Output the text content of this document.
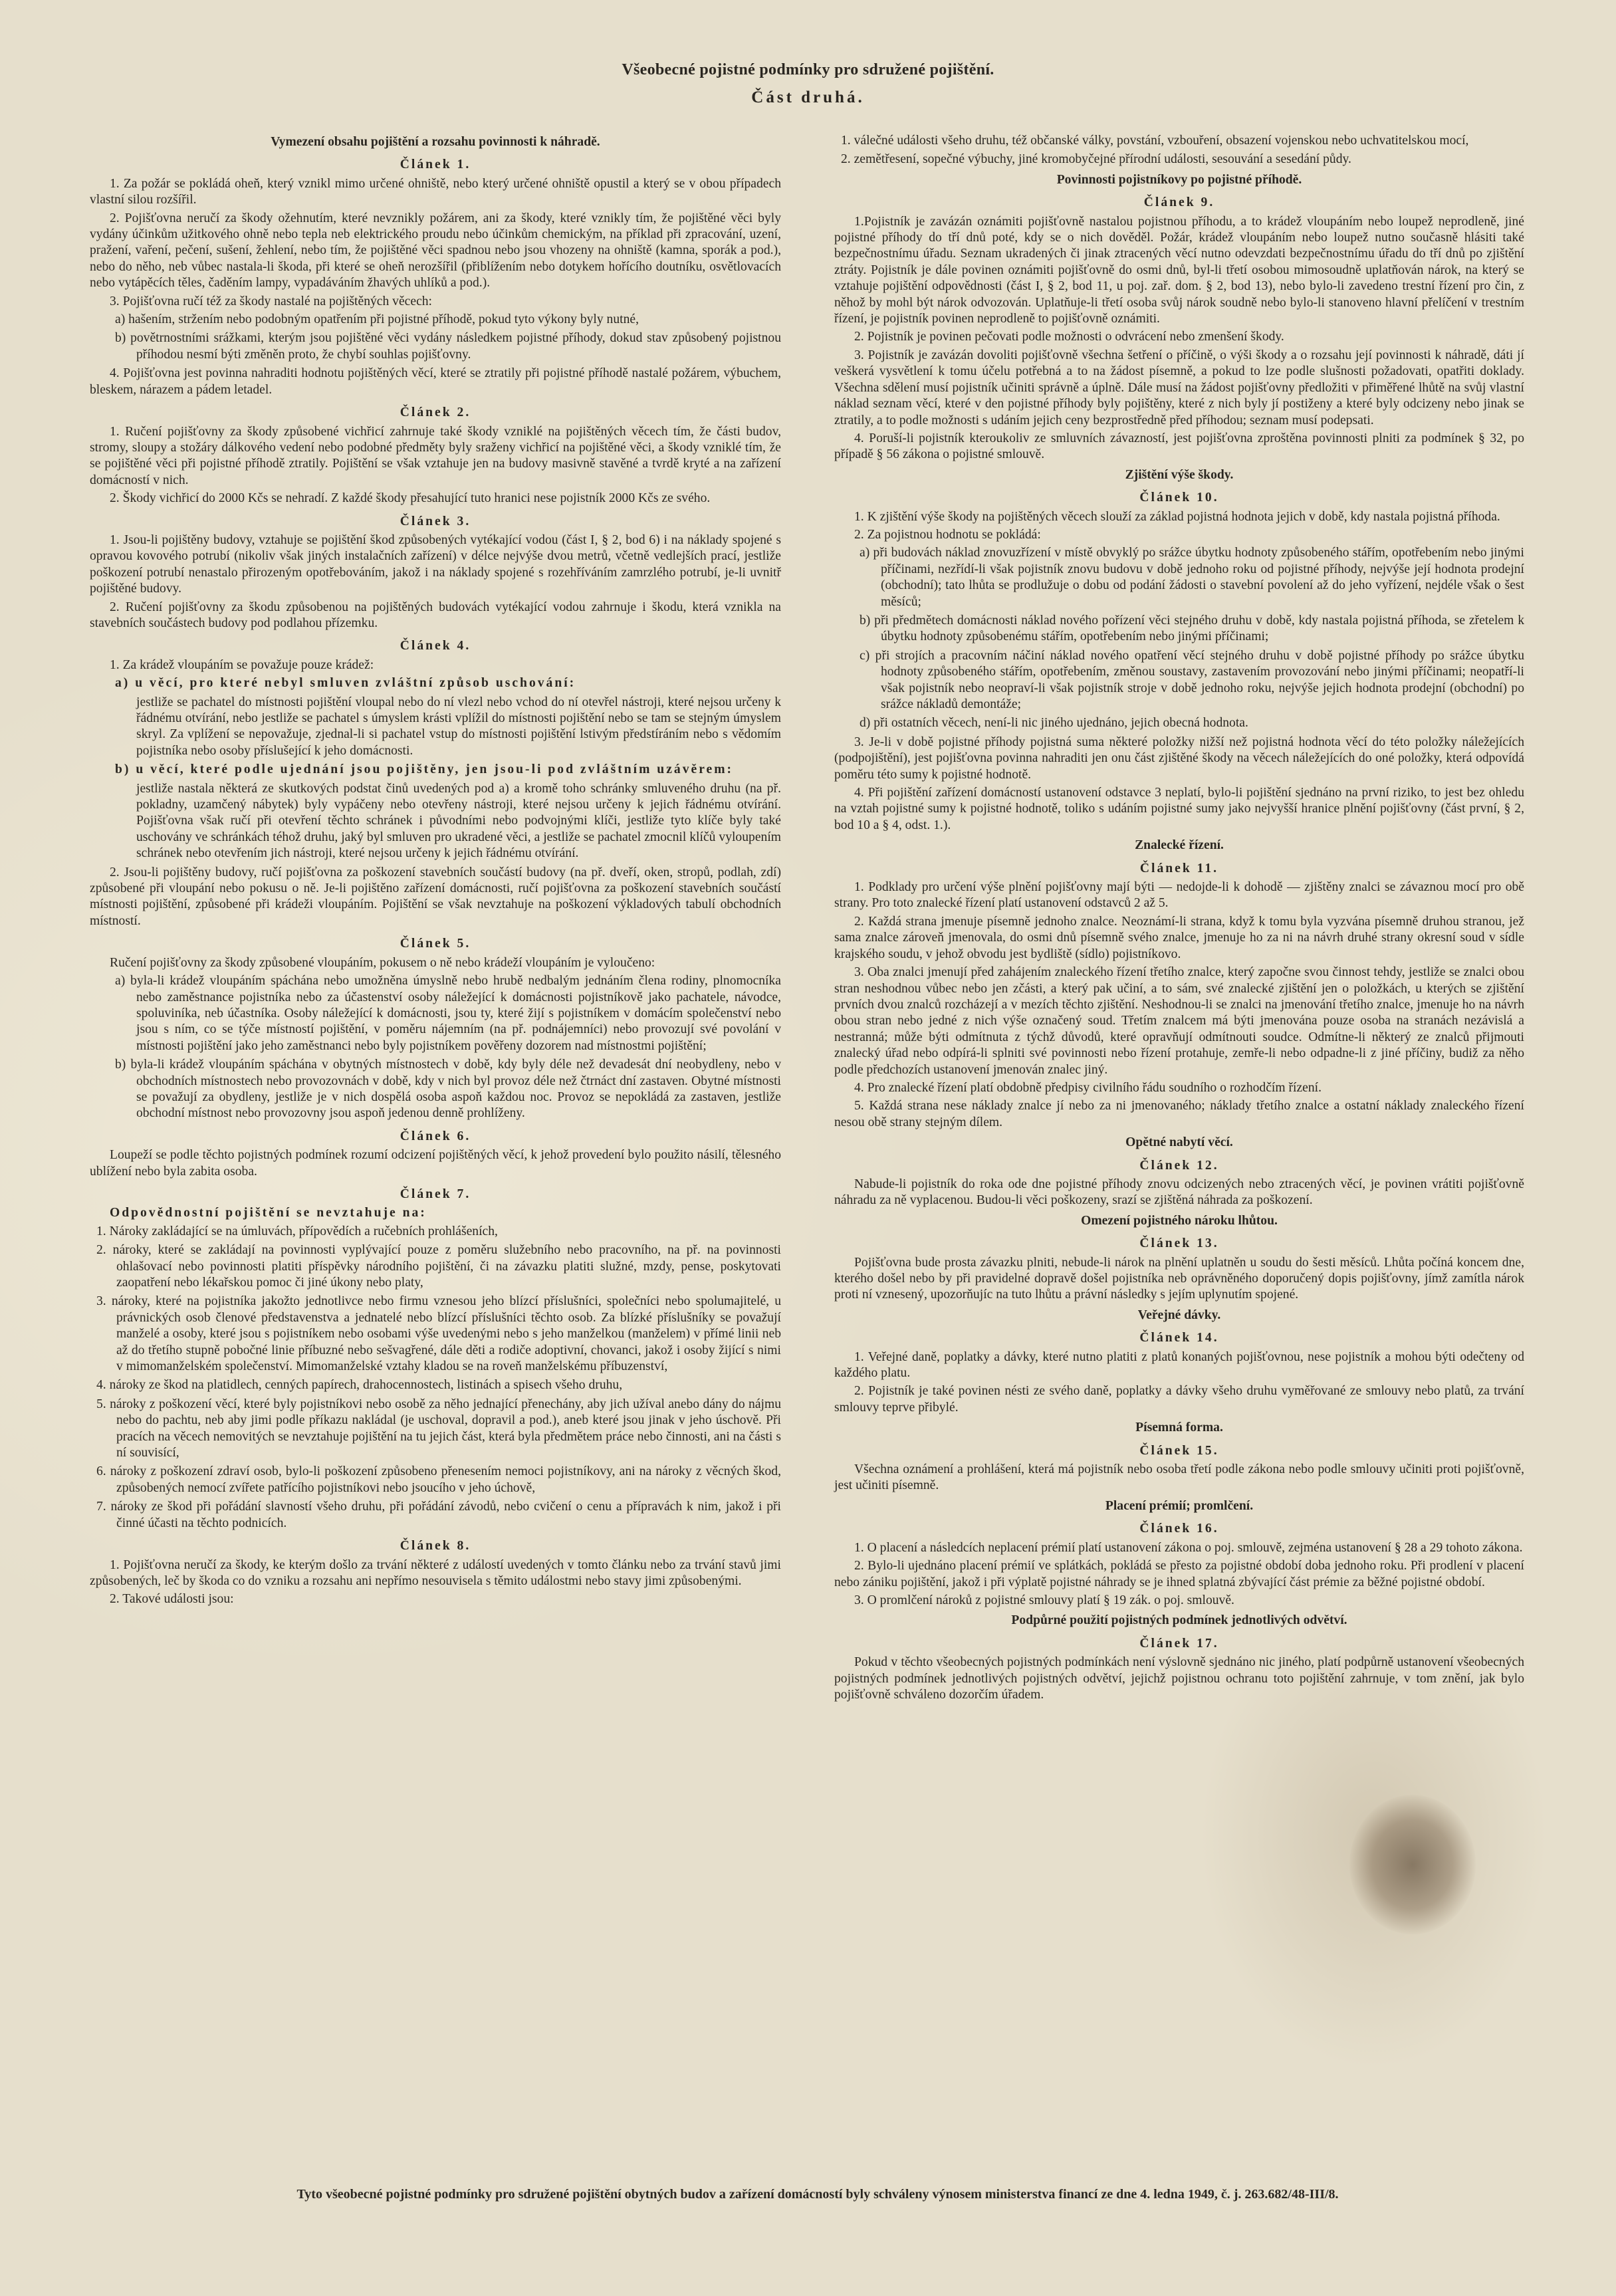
Všeobecné pojistné podmínky pro sdružené pojištění.
Část druhá.
Vymezení obsahu pojištění a rozsahu povinnosti k náhradě.
Článek 1.
1. Za požár se pokládá oheň, který vznikl mimo určené ohniště, nebo který určené ohniště opustil a který se v obou případech vlastní silou rozšířil.
2. Pojišťovna neručí za škody ožehnutím, které nevznikly požárem, ani za škody, které vznikly tím, že pojištěné věci byly vydány účinkům užitkového ohně nebo tepla neb elektrického proudu nebo účinkům chemickým, na příklad při zpracování, uzení, pražení, vaření, pečení, sušení, žehlení, nebo tím, že pojištěné věci spadnou nebo jsou vhozeny na ohniště (kamna, sporák a pod.), nebo do něho, neb vůbec nastala-li škoda, při které se oheň nerozšířil (přiblížením nebo dotykem hořícího doutníku, osvětlovacích nebo vytápěcích těles, čaděním lampy, vypadáváním žhavých uhlíků a pod.).
3. Pojišťovna ručí též za škody nastalé na pojištěných věcech:
a) hašením, stržením nebo podobným opatřením při pojistné příhodě, pokud tyto výkony byly nutné,
b) povětrnostními srážkami, kterým jsou pojištěné věci vydány následkem pojistné příhody, dokud stav způsobený pojistnou příhodou nesmí býti změněn proto, že chybí souhlas pojišťovny.
4. Pojišťovna jest povinna nahraditi hodnotu pojištěných věcí, které se ztratily při pojistné příhodě nastalé požárem, výbuchem, bleskem, nárazem a pádem letadel.
Článek 2.
1. Ručení pojišťovny za škody způsobené vichřicí zahrnuje také škody vzniklé na pojištěných věcech tím, že části budov, stromy, sloupy a stožáry dálkového vedení nebo podobné předměty byly sraženy vichřicí na pojištěné věci, a škody vzniklé tím, že se pojištěné věci při pojistné příhodě ztratily. Pojištění se však vztahuje jen na budovy masivně stavěné a tvrdě kryté a na zařízení domácností v nich.
2. Škody vichřicí do 2000 Kčs se nehradí. Z každé škody přesahující tuto hranici nese pojistník 2000 Kčs ze svého.
Článek 3.
1. Jsou-li pojištěny budovy, vztahuje se pojištění škod způsobených vytékající vodou (část I, § 2, bod 6) i na náklady spojené s opravou kovového potrubí (nikoliv však jiných instalačních zařízení) v délce nejvýše dvou metrů, včetně vedlejších prací, jestliže poškození potrubí nenastalo přirozeným opotřebováním, jakož i na náklady spojené s rozehříváním zamrzlého potrubí, je-li uvnitř pojištěné budovy.
2. Ručení pojišťovny za škodu způsobenou na pojištěných budovách vytékající vodou zahrnuje i škodu, která vznikla na stavebních součástech budovy pod podlahou přízemku.
Článek 4.
1. Za krádež vloupáním se považuje pouze krádež:
a) u věcí, pro které nebyl smluven zvláštní způsob uschování:
jestliže se pachatel do místnosti pojištění vloupal nebo do ní vlezl nebo vchod do ní otevřel nástroji, které nejsou určeny k řádnému otvírání, nebo jestliže se pachatel s úmyslem krásti vplížil do místnosti pojištění nebo se tam se stejným úmyslem skryl. Za vplížení se nepovažuje, zjednal-li si pachatel vstup do místnosti pojištění lstivým předstíráním nebo s vědomím pojistníka nebo osoby příslušející k jeho domácnosti.
b) u věcí, které podle ujednání jsou pojištěny, jen jsou-li pod zvláštním uzávěrem:
jestliže nastala některá ze skutkových podstat činů uvedených pod a) a kromě toho schránky smluveného druhu (na př. pokladny, uzamčený nábytek) byly vypáčeny nebo otevřeny nástroji, které nejsou určeny k jejich řádnému otvírání. Pojišťovna však ručí při otevření těchto schránek i původními nebo podvojnými klíči, jestliže tyto klíče byly také uschovány ve schránkách téhož druhu, jaký byl smluven pro ukradené věci, a jestliže se pachatel zmocnil klíčů vyloupením schránek nebo otevřením jich nástroji, které nejsou určeny k jejich řádnému otvírání.
2. Jsou-li pojištěny budovy, ručí pojišťovna za poškození stavebních součástí budovy (na př. dveří, oken, stropů, podlah, zdí) způsobené při vloupání nebo pokusu o ně. Je-li pojištěno zařízení domácnosti, ručí pojišťovna za poškození stavebních součástí místnosti pojištění, způsobené při krádeži vloupáním. Pojištění se však nevztahuje na poškození výkladových tabulí obchodních místností.
Článek 5.
Ručení pojišťovny za škody způsobené vloupáním, pokusem o ně nebo krádeží vloupáním je vyloučeno:
a) byla-li krádež vloupáním spáchána nebo umožněna úmyslně nebo hrubě nedbalým jednáním člena rodiny, plnomocníka nebo zaměstnance pojistníka nebo za účastenství osoby náležející k domácnosti pojistníkově jako pachatele, návodce, spoluviníka, neb účastníka. Osoby náležející k domácnosti, jsou ty, které žijí s pojistníkem v domácím společenství nebo jsou s ním, co se týče místností pojištění, v poměru nájemním (na př. podnájemníci) nebo provozují své povolání v místnosti pojištění jako jeho zaměstnanci nebo byly pojistníkem pověřeny dozorem nad místnostmi pojištění;
b) byla-li krádež vloupáním spáchána v obytných místnostech v době, kdy byly déle než devadesát dní neobydleny, nebo v obchodních místnostech nebo provozovnách v době, kdy v nich byl provoz déle než čtrnáct dní zastaven. Obytné místnosti se považují za obydleny, jestliže je v nich dospělá osoba aspoň každou noc. Provoz se nepokládá za zastaven, jestliže obchodní místnost nebo provozovny jsou aspoň jedenou denně prohlíženy.
Článek 6.
Loupeží se podle těchto pojistných podmínek rozumí odcizení pojištěných věcí, k jehož provedení bylo použito násilí, tělesného ublížení nebo byla zabita osoba.
Článek 7.
Odpovědnostní pojištění se nevztahuje na:
1. Nároky zakládající se na úmluvách, přípovědích a ručebních prohlášeních,
2. nároky, které se zakládají na povinnosti vyplývající pouze z poměru služebního nebo pracovního, na př. na povinnosti ohlašovací nebo povinnosti platiti příspěvky národního pojištění, či na závazku platiti služné, mzdy, pense, poskytovati zaopatření nebo lékařskou pomoc či jiné úkony nebo platy,
3. nároky, které na pojistníka jakožto jednotlivce nebo firmu vznesou jeho blízcí příslušníci, společníci nebo spolumajitelé, u právnických osob členové představenstva a jednatelé nebo blízcí příslušníci těchto osob. Za blízké příslušníky se považují manželé a osoby, které jsou s pojistníkem nebo osobami výše uvedenými nebo s jeho manželkou (manželem) v přímé linii neb až do třetího stupně pobočné linie příbuzné nebo sešvagřené, dále děti a rodiče adoptivní, chovanci, jakož i osoby žijící s nimi v mimomanželském společenství. Mimomanželské vztahy kladou se na roveň manželskému příbuzenství,
4. nároky ze škod na platidlech, cenných papírech, drahocennostech, listinách a spisech všeho druhu,
5. nároky z poškození věcí, které byly pojistníkovi nebo osobě za něho jednající přenechány, aby jich užíval anebo dány do nájmu nebo do pachtu, neb aby jimi podle příkazu nakládal (je uschoval, dopravil a pod.), aneb které jsou jinak v jeho úschově. Při pracích na věcech nemovitých se nevztahuje pojištění na tu jejich část, která byla předmětem práce nebo činnosti, ani na části s ní souvisící,
6. nároky z poškození zdraví osob, bylo-li poškození způsobeno přenesením nemoci pojistníkovy, ani na nároky z věcných škod, způsobených nemocí zvířete patřícího pojistníkovi nebo jsoucího v jeho úchově,
7. nároky ze škod při pořádání slavností všeho druhu, při pořádání závodů, nebo cvičení o cenu a přípravách k nim, jakož i při činné účasti na těchto podnicích.
Článek 8.
1. Pojišťovna neručí za škody, ke kterým došlo za trvání některé z událostí uvedených v tomto článku nebo za trvání stavů jimi způsobených, leč by škoda co do vzniku a rozsahu ani nepřímo nesouvisela s těmito událostmi nebo stavy jimi způsobenými.
2. Takové události jsou:
1. válečné události všeho druhu, též občanské války, povstání, vzbouření, obsazení vojenskou nebo uchvatitelskou mocí,
2. zemětřesení, sopečné výbuchy, jiné kromobyčejné přírodní události, sesouvání a sesedání půdy.
Povinnosti pojistníkovy po pojistné příhodě.
Článek 9.
1.Pojistník je zavázán oznámiti pojišťovně nastalou pojistnou příhodu, a to krádež vloupáním nebo loupež neprodleně, jiné pojistné příhody do tří dnů poté, kdy se o nich dověděl. Požár, krádež vloupáním nebo loupež nutno současně hlásiti také bezpečnostnímu úřadu. Seznam ukradených či jinak ztracených věcí nutno odevzdati bezpečnostnímu úřadu do tří dnů po zjištění ztráty. Pojistník je dále povinen oznámiti pojišťovně do osmi dnů, byl-li třetí osobou mimosoudně uplatňován nárok, na který se vztahuje pojištění odpovědnosti (část I, § 2, bod 11, u poj. zař. dom. § 2, bod 13), nebo bylo-li zavedeno trestní řízení pro čin, z něhož by mohl být nárok odvozován. Uplatňuje-li třetí osoba svůj nárok soudně nebo bylo-li stanoveno hlavní přelíčení v trestním řízení, je pojistník povinen neprodleně to pojišťovně oznámiti.
2. Pojistník je povinen pečovati podle možnosti o odvrácení nebo zmenšení škody.
3. Pojistník je zavázán dovoliti pojišťovně všechna šetření o příčině, o výši škody a o rozsahu její povinnosti k náhradě, dáti jí veškerá vysvětlení k tomu účelu potřebná a to na žádost písemně, a pokud to lze podle slušnosti požadovati, opatřiti doklady. Všechna sdělení musí pojistník učiniti správně a úplně. Dále musí na žádost pojišťovny předložiti v přiměřené lhůtě na svůj vlastní náklad seznam věcí, které v den pojistné příhody byly pojištěny, které z nich byly jí postiženy a které byly odcizeny nebo jinak se ztratily, a to podle možnosti s udáním jejich ceny bezprostředně před příhodou; seznam musí podepsati.
4. Poruší-li pojistník kteroukoliv ze smluvních závazností, jest pojišťovna zproštěna povinnosti plniti za podmínek § 32, po případě § 56 zákona o pojistné smlouvě.
Zjištění výše škody.
Článek 10.
1. K zjištění výše škody na pojištěných věcech slouží za základ pojistná hodnota jejich v době, kdy nastala pojistná příhoda.
2. Za pojistnou hodnotu se pokládá:
a) při budovách náklad znovuzřízení v místě obvyklý po srážce úbytku hodnoty způsobeného stářím, opotřebením nebo jinými příčinami, nezřídí-li však pojistník znovu budovu v době jednoho roku od pojistné příhody, nejvýše její hodnota prodejní (obchodní); tato lhůta se prodlužuje o dobu od podání žádosti o stavební povolení až do jeho vyřízení, nejdéle však o šest měsíců;
b) při předmětech domácnosti náklad nového pořízení věci stejného druhu v době, kdy nastala pojistná příhoda, se zřetelem k úbytku hodnoty způsobenému stářím, opotřebením nebo jinými příčinami;
c) při strojích a pracovním náčiní náklad nového opatření věcí stejného druhu v době pojistné příhody po srážce úbytku hodnoty způsobeného stářím, opotřebením, změnou soustavy, zastavením provozování nebo jinými příčinami; neopatří-li však pojistník nebo neopraví-li však pojistník stroje v době jednoho roku, nejvýše jejich hodnota prodejní (obchodní) po srážce nákladů demontáže;
d) při ostatních věcech, není-li nic jiného ujednáno, jejich obecná hodnota.
3. Je-li v době pojistné příhody pojistná suma některé položky nižší než pojistná hodnota věcí do této položky náležejících (podpojištění), jest pojišťovna povinna nahraditi jen onu část zjištěné škody na věcech náležejících do oné položky, která odpovídá poměru této sumy k pojistné hodnotě.
4. Při pojištění zařízení domácností ustanovení odstavce 3 neplatí, bylo-li pojištění sjednáno na první riziko, to jest bez ohledu na vztah pojistné sumy k pojistné hodnotě, toliko s udáním pojistné sumy jako nejvyšší hranice plnění pojišťovny (část první, § 2, bod 10 a § 4, odst. 1.).
Znalecké řízení.
Článek 11.
1. Podklady pro určení výše plnění pojišťovny mají býti — nedojde-li k dohodě — zjištěny znalci se závaznou mocí pro obě strany. Pro toto znalecké řízení platí ustanovení odstavců 2 až 5.
2. Každá strana jmenuje písemně jednoho znalce. Neoznámí-li strana, když k tomu byla vyzvána písemně druhou stranou, jež sama znalce zároveň jmenovala, do osmi dnů písemně svého znalce, jmenuje ho za ni na návrh druhé strany okresní soud v sídle krajského soudu, v jehož obvodu jest bydliště (sídlo) pojistníkovo.
3. Oba znalci jmenují před zahájením znaleckého řízení třetího znalce, který započne svou činnost tehdy, jestliže se znalci obou stran neshodnou vůbec nebo jen zčásti, a který pak učiní, a to sám, své znalecké zjištění jen o položkách, u kterých se zjištění prvních dvou znalců rozcházejí a v mezích těchto zjištění. Neshodnou-li se znalci na jmenování třetího znalce, jmenuje ho na návrh obou stran nebo jedné z nich výše označený soud. Třetím znalcem má býti jmenována pouze osoba na stranách nezávislá a nestranná; může býti odmítnuta z týchž důvodů, které opravňují odmítnouti soudce. Odmítne-li některý ze znalců přijmouti znalecký úřad nebo odpírá-li splniti své povinnosti nebo řízení protahuje, zemře-li nebo odpadne-li z jiné příčiny, budiž za něho podle předchozích ustanovení jmenován znalec jiný.
4. Pro znalecké řízení platí obdobně předpisy civilního řádu soudního o rozhodčím řízení.
5. Každá strana nese náklady znalce jí nebo za ni jmenovaného; náklady třetího znalce a ostatní náklady znaleckého řízení nesou obě strany stejným dílem.
Opětné nabytí věcí.
Článek 12.
Nabude-li pojistník do roka ode dne pojistné příhody znovu odcizených nebo ztracených věcí, je povinen vrátiti pojišťovně náhradu za ně vyplacenou. Budou-li věci poškozeny, srazí se zjištěná náhrada za poškození.
Omezení pojistného nároku lhůtou.
Článek 13.
Pojišťovna bude prosta závazku plniti, nebude-li nárok na plnění uplatněn u soudu do šesti měsíců. Lhůta počíná koncem dne, kterého došel nebo by při pravidelné dopravě došel pojistníka neb oprávněného doporučený dopis pojišťovny, jímž zamítla nárok proti ní vznesený, upozorňujíc na tuto lhůtu a právní následky s jejím uplynutím spojené.
Veřejné dávky.
Článek 14.
1. Veřejné daně, poplatky a dávky, které nutno platiti z platů konaných pojišťovnou, nese pojistník a mohou býti odečteny od každého platu.
2. Pojistník je také povinen nésti ze svého daně, poplatky a dávky všeho druhu vyměřované ze smlouvy nebo platů, za trvání smlouvy teprve přibylé.
Písemná forma.
Článek 15.
Všechna oznámení a prohlášení, která má pojistník nebo osoba třetí podle zákona nebo podle smlouvy učiniti proti pojišťovně, jest učiniti písemně.
Placení prémií; promlčení.
Článek 16.
1. O placení a následcích neplacení prémií platí ustanovení zákona o poj. smlouvě, zejména ustanovení § 28 a 29 tohoto zákona.
2. Bylo-li ujednáno placení prémií ve splátkách, pokládá se přesto za pojistné období doba jednoho roku. Při prodlení v placení nebo zániku pojištění, jakož i při výplatě pojistné náhrady se je ihned splatná zbývající část prémie za běžné pojistné období.
3. O promlčení nároků z pojistné smlouvy platí § 19 zák. o poj. smlouvě.
Podpůrné použití pojistných podmínek jednotlivých odvětví.
Článek 17.
Pokud v těchto všeobecných pojistných podmínkách není výslovně sjednáno nic jiného, platí podpůrně ustanovení všeobecných pojistných podmínek jednotlivých pojistných odvětví, jejichž pojistnou ochranu toto pojištění zahrnuje, v tom znění, jak bylo pojišťovně schváleno dozorčím úřadem.
Tyto všeobecné pojistné podmínky pro sdružené pojištění obytných budov a zařízení domácností byly schváleny výnosem ministerstva financí ze dne 4. ledna 1949, č. j. 263.682/48-III/8.
